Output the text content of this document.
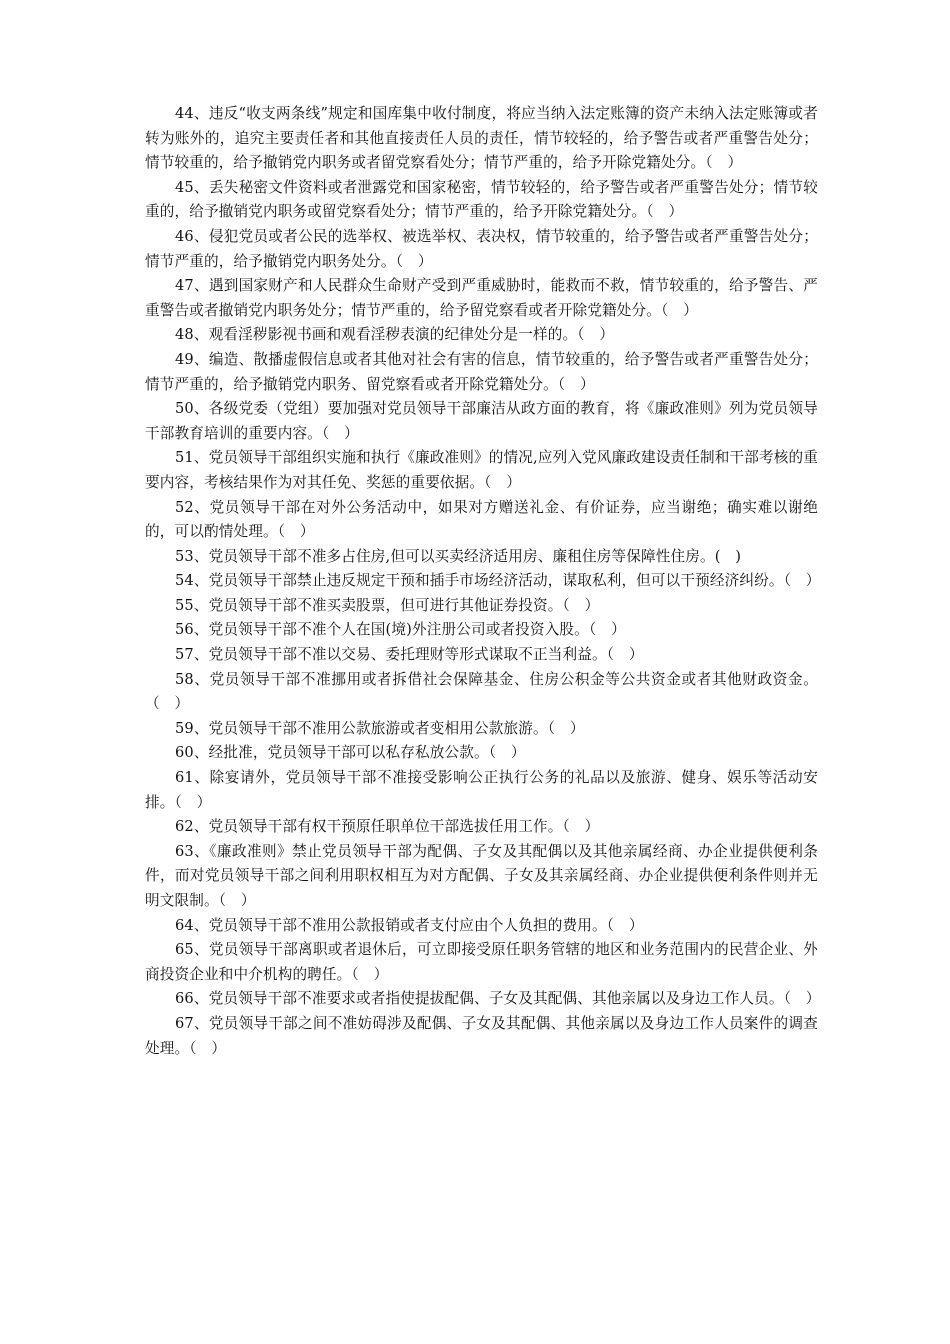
44、违反“收支两条线”规定和国库集中收付制度，将应当纳入法定账簿的资产未纳入法定账簿或者转为账外的，追究主要责任者和其他直接责任人员的责任，情节较轻的，给予警告或者严重警告处分；情节较重的，给予撤销党内职务或者留党察看处分；情节严重的，给予开除党籍处分。（　）

45、丢失秘密文件资料或者泄露党和国家秘密，情节较轻的，给予警告或者严重警告处分；情节较重的，给予撤销党内职务或留党察看处分；情节严重的，给予开除党籍处分。（　）

46、侵犯党员或者公民的选举权、被选举权、表决权，情节较重的，给予警告或者严重警告处分；情节严重的，给予撤销党内职务处分。（　）

47、遇到国家财产和人民群众生命财产受到严重威胁时，能救而不救，情节较重的，给予警告、严重警告或者撤销党内职务处分；情节严重的，给予留党察看或者开除党籍处分。（　）

48、观看淫秽影视书画和观看淫秽表演的纪律处分是一样的。（　）

49、编造、散播虚假信息或者其他对社会有害的信息，情节较重的，给予警告或者严重警告处分；情节严重的，给予撤销党内职务、留党察看或者开除党籍处分。（　）

50、各级党委（党组）要加强对党员领导干部廉洁从政方面的教育，将《廉政准则》列为党员领导干部教育培训的重要内容。（　）

51、党员领导干部组织实施和执行《廉政准则》的情况,应列入党风廉政建设责任制和干部考核的重要内容，考核结果作为对其任免、奖惩的重要依据。（　）

52、党员领导干部在对外公务活动中，如果对方赠送礼金、有价证券，应当谢绝；确实难以谢绝的，可以酌情处理。（　）

53、党员领导干部不准多占住房,但可以买卖经济适用房、廉租住房等保障性住房。(　)

54、党员领导干部禁止违反规定干预和插手市场经济活动，谋取私利，但可以干预经济纠纷。（　）

55、党员领导干部不准买卖股票，但可进行其他证券投资。（　）

56、党员领导干部不准个人在国(境)外注册公司或者投资入股。（　）

57、党员领导干部不准以交易、委托理财等形式谋取不正当利益。（　）

58、党员领导干部不准挪用或者拆借社会保障基金、住房公积金等公共资金或者其他财政资金。（　）

59、党员领导干部不准用公款旅游或者变相用公款旅游。（　）

60、经批准，党员领导干部可以私存私放公款。（　）

61、除宴请外，党员领导干部不准接受影响公正执行公务的礼品以及旅游、健身、娱乐等活动安排。（　）

62、党员领导干部有权干预原任职单位干部选拔任用工作。（　）

63、《廉政准则》禁止党员领导干部为配偶、子女及其配偶以及其他亲属经商、办企业提供便利条件，而对党员领导干部之间利用职权相互为对方配偶、子女及其亲属经商、办企业提供便利条件则并无明文限制。（　）

64、党员领导干部不准用公款报销或者支付应由个人负担的费用。（　）

65、党员领导干部离职或者退休后，可立即接受原任职务管辖的地区和业务范围内的民营企业、外商投资企业和中介机构的聘任。（　）

66、党员领导干部不准要求或者指使提拔配偶、子女及其配偶、其他亲属以及身边工作人员。（　）

67、党员领导干部之间不准妨碍涉及配偶、子女及其配偶、其他亲属以及身边工作人员案件的调查处理。（　）
